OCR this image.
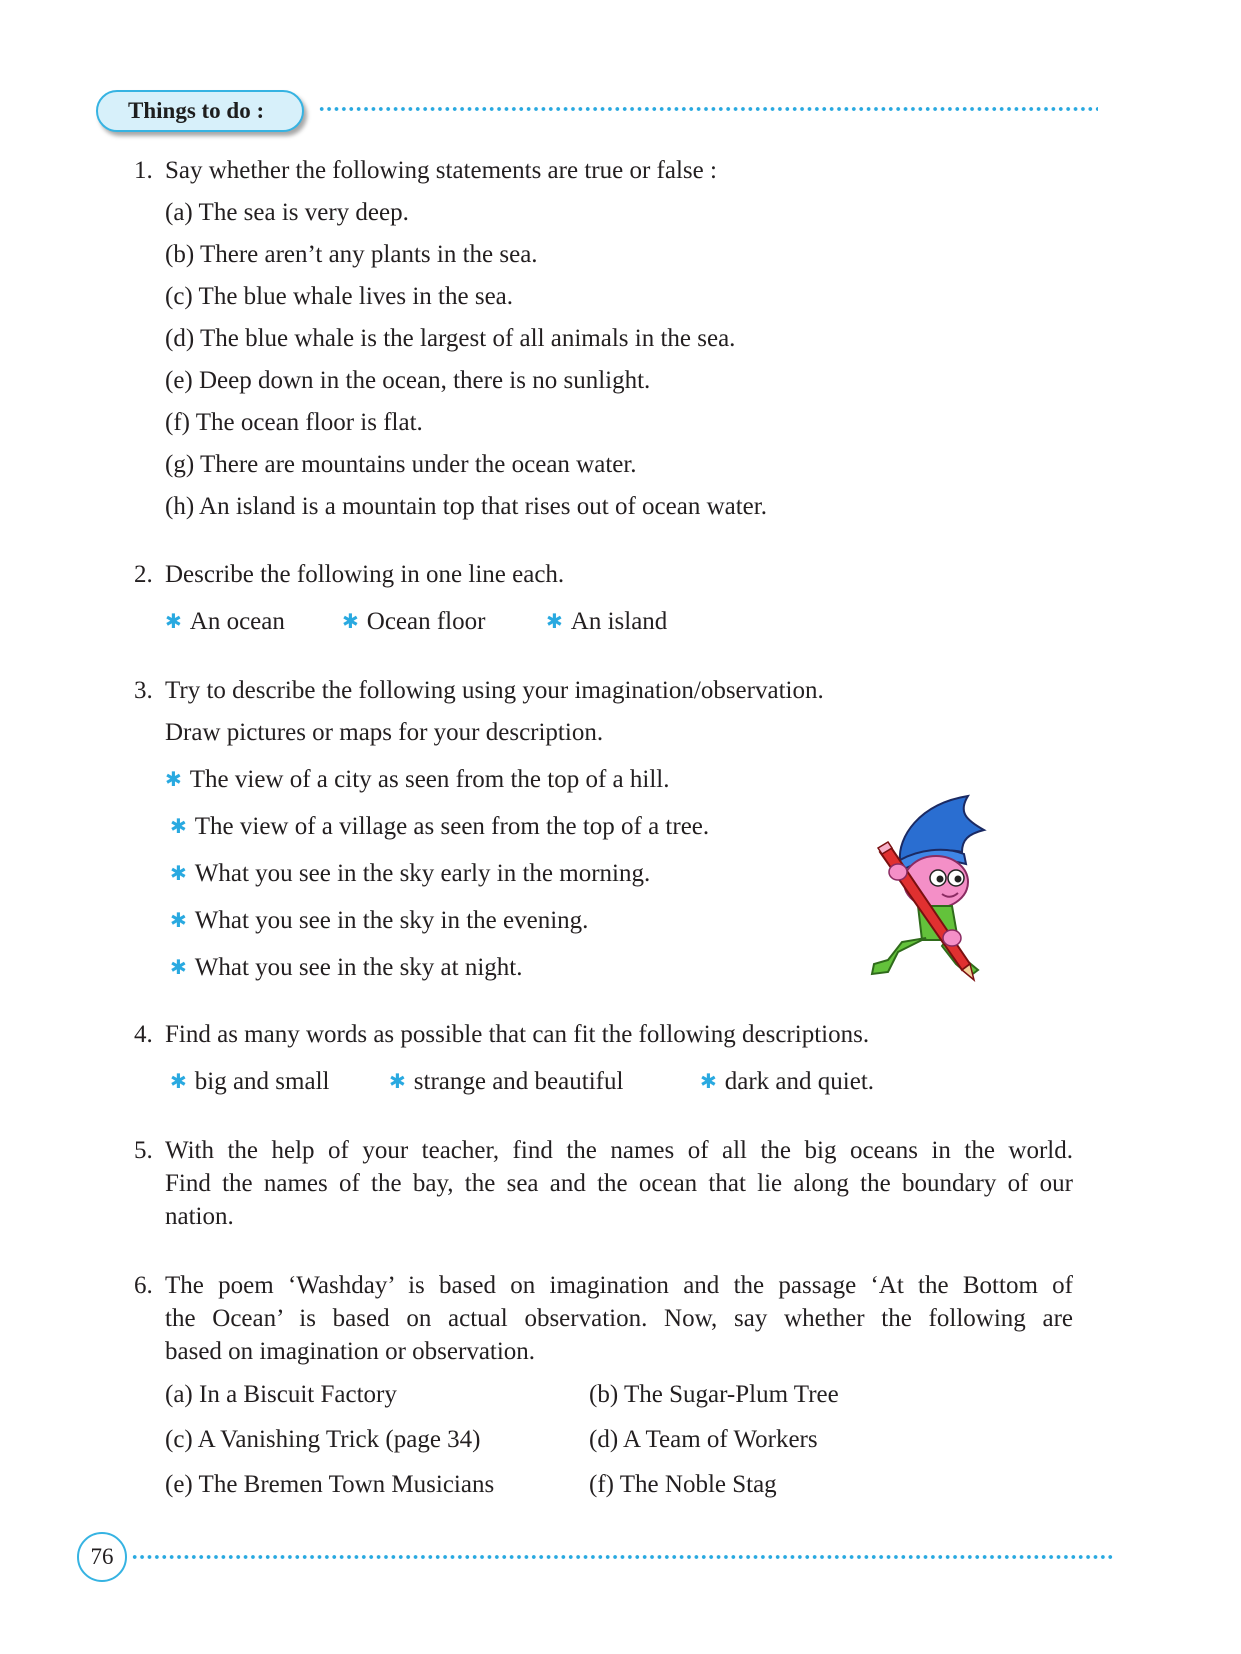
Things to do :
1. Say whether the following statements are true or false :
(a) The sea is very deep.
(b) There aren’t any plants in the sea.
(c) The blue whale lives in the sea.
(d) The blue whale is the largest of all animals in the sea.
(e) Deep down in the ocean, there is no sunlight.
(f) The ocean floor is flat.
(g) There are mountains under the ocean water.
(h) An island is a mountain top that rises out of ocean water.
2. Describe the following in one line each.
✱ An ocean	✱ Ocean floor	✱ An island
3. Try to describe the following using your imagination/observation.
Draw pictures or maps for your description.
✱ The view of a city as seen from the top of a hill.
✱ The view of a village as seen from the top of a tree.
✱ What you see in the sky early in the morning.
✱ What you see in the sky in the evening.
✱ What you see in the sky at night.
4. Find as many words as possible that can fit the following descriptions.
✱ big and small	✱ strange and beautiful	✱ dark and quiet.
5. With the help of your teacher, find the names of all the big oceans in the world.
Find the names of the bay, the sea and the ocean that lie along the boundary of our
nation.
6. The poem ‘Washday’ is based on imagination and the passage ‘At the Bottom of
the Ocean’ is based on actual observation. Now, say whether the following are
based on imagination or observation.
(a) In a Biscuit Factory	(b) The Sugar-Plum Tree
(c) A Vanishing Trick (page 34)	(d) A Team of Workers
(e) The Bremen Town Musicians	(f) The Noble Stag
76
